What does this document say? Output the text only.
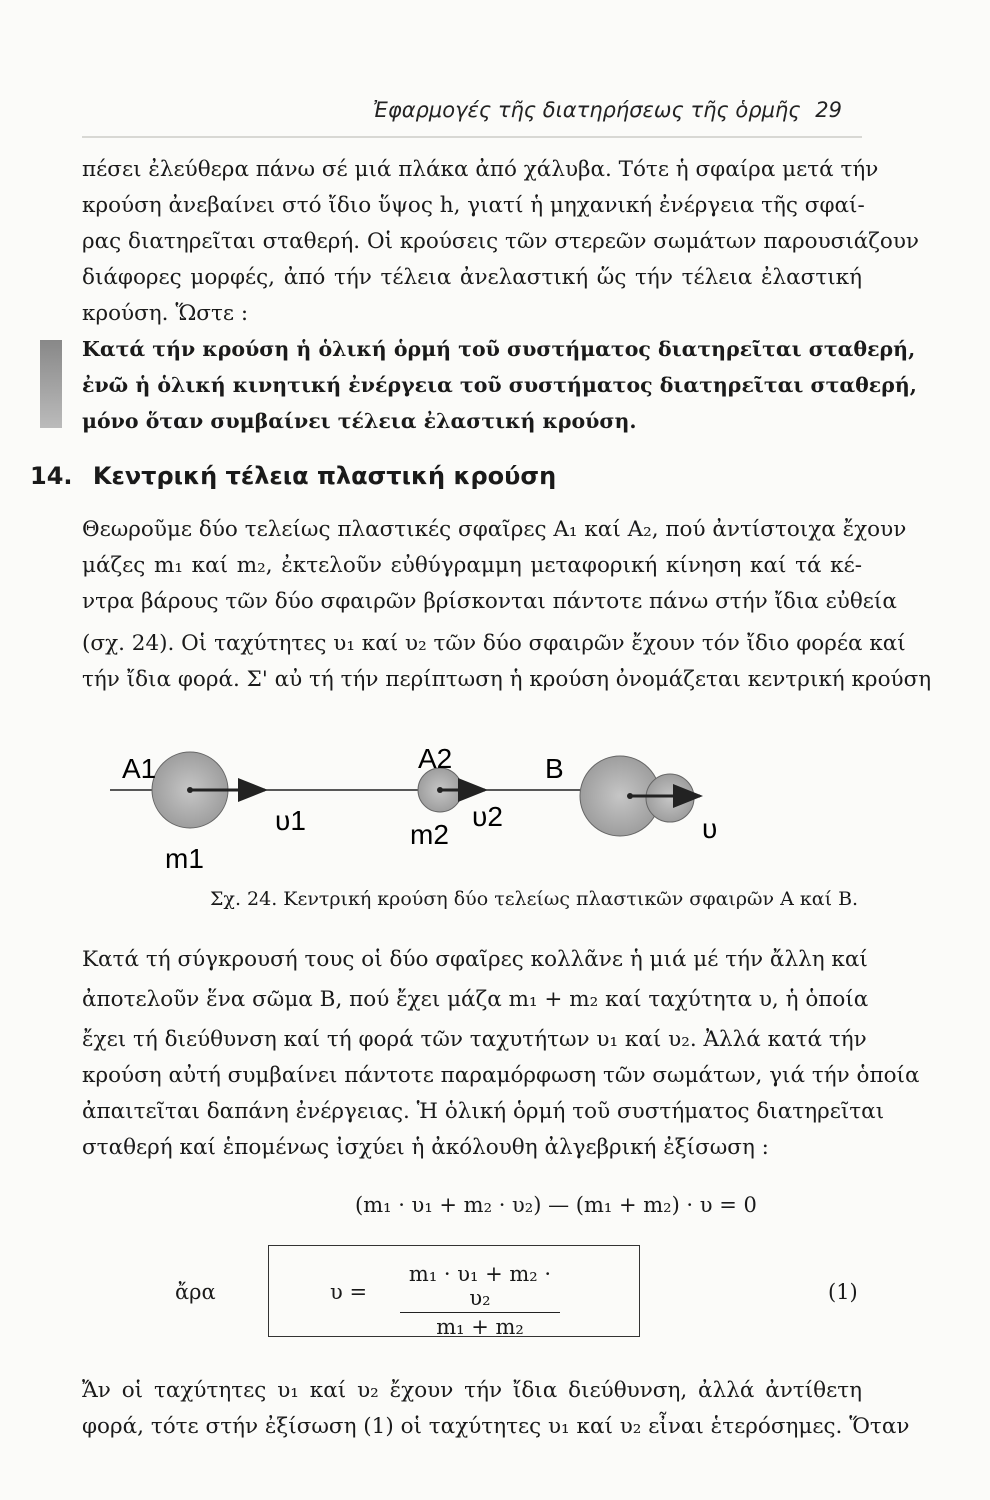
Ἐφαρμογές τῆς διατηρήσεως τῆς ὁρμῆς 29
πέσει ἐλεύθερα πάνω σέ μιά πλάκα ἀπό χάλυβα. Τότε ἡ σφαίρα μετά τήν
κρούση ἀνεβαίνει στό ἴδιο ὕψος h, γιατί ἡ μηχανική ἐνέργεια τῆς σφαί-
ρας διατηρεῖται σταθερή. Οἱ κρούσεις τῶν στερεῶν σωμάτων παρουσιάζουν
διάφορες μορφές, ἀπό τήν τέλεια ἀνελαστική ὥς τήν τέλεια ἐλαστική
κρούση. Ὥστε :
Κατά τήν κρούση ἡ ὁλική ὁρμή τοῦ συστήματος διατηρεῖται σταθερή,
ἐνῶ ἡ ὁλική κινητική ἐνέργεια τοῦ συστήματος διατηρεῖται σταθερή,
μόνο ὅταν συμβαίνει τέλεια ἐλαστική κρούση.
14. Κεντρική τέλεια πλαστική κρούση
Θεωροῦμε δύο τελείως πλαστικές σφαῖρες A₁ καί A₂, πού ἀντίστοιχα ἔχουν
μάζες m₁ καί m₂, ἐκτελοῦν εὐθύγραμμη μεταφορική κίνηση καί τά κέ-
ντρα βάρους τῶν δύο σφαιρῶν βρίσκονται πάντοτε πάνω στήν ἴδια εὐθεία
(σχ. 24). Οἱ ταχύτητες υ₁ καί υ₂ τῶν δύο σφαιρῶν ἔχουν τόν ἴδιο φορέα καί
τήν ἴδια φορά. Σ' αὐ τή τήν περίπτωση ἡ κρούση ὀνομάζεται κεντρική κρούση
A1
υ1
m1
A2
υ2
m2
B
υ
Σχ. 24. Κεντρική κρούση δύο τελείως πλαστικῶν σφαιρῶν Α καί Β.
Κατά τή σύγκρουσή τους οἱ δύο σφαῖρες κολλᾶνε ἡ μιά μέ τήν ἄλλη καί
ἀποτελοῦν ἕνα σῶμα B, πού ἔχει μάζα m₁ + m₂ καί ταχύτητα υ, ἡ ὁποία
ἔχει τή διεύθυνση καί τή φορά τῶν ταχυτήτων υ₁ καί υ₂. Ἀλλά κατά τήν
κρούση αὐτή συμβαίνει πάντοτε παραμόρφωση τῶν σωμάτων, γιά τήν ὁποία
ἀπαιτεῖται δαπάνη ἐνέργειας. Ἡ ὁλική ὁρμή τοῦ συστήματος διατηρεῖται
σταθερή καί ἑπομένως ἰσχύει ἡ ἀκόλουθη ἀλγεβρική ἐξίσωση :
(m₁ · υ₁ + m₂ · υ₂) — (m₁ + m₂) · υ = 0
ἄρα	$\upsilon = \frac{\text{m₁ · υ₁ + m₂ · υ₂}}{\text{m₁ + m₂}}$	(1)
Ἄν οἱ ταχύτητες υ₁ καί υ₂ ἔχουν τήν ἴδια διεύθυνση, ἀλλά ἀντίθετη
φορά, τότε στήν ἐξίσωση (1) οἱ ταχύτητες υ₁ καί υ₂ εἶναι ἑτερόσημες. Ὅταν
